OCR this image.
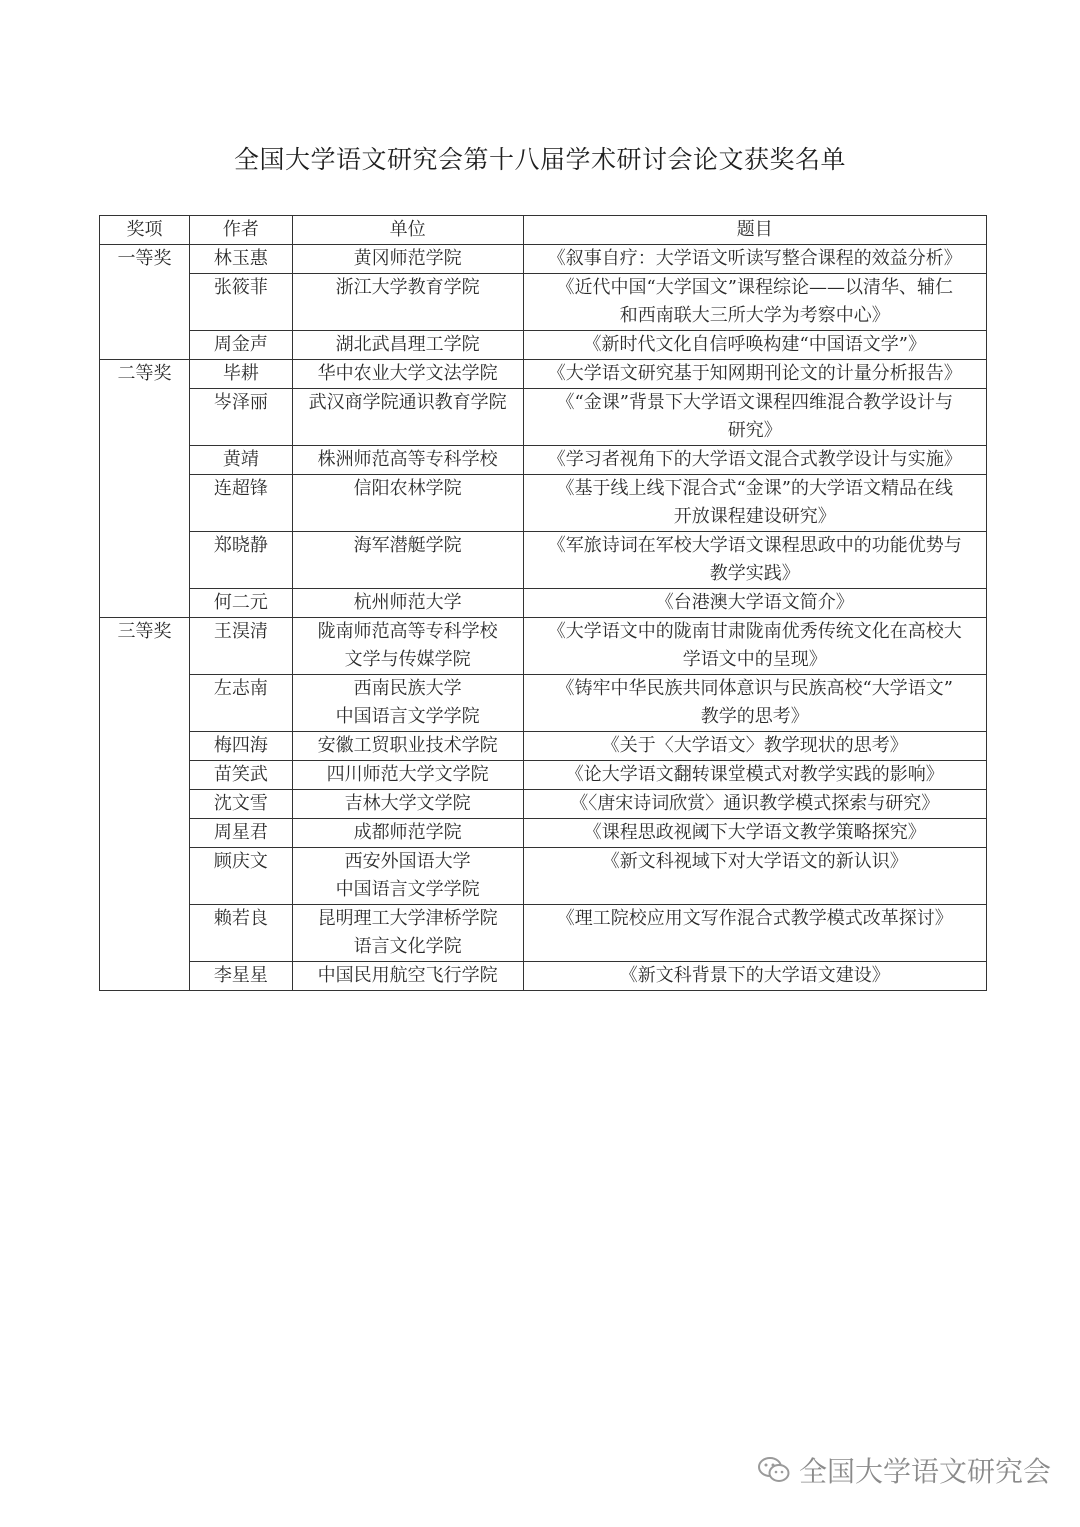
全国大学语文研究会第十八届学术研讨会论文获奖名单
奖项	作者	单位	题目
一等奖	林玉惠	黄冈师范学院	《叙事自疗：大学语文听读写整合课程的效益分析》

	张筱菲	浙江大学教育学院	《近代中国“大学国文”课程综论——以清华、辅仁
和西南联大三所大学为考察中心》

	周金声	湖北武昌理工学院	《新时代文化自信呼唤构建“中国语文学”》

二等奖	毕耕	华中农业大学文法学院	《大学语文研究基于知网期刊论文的计量分析报告》

	岑泽丽	武汉商学院通识教育学院	《“金课”背景下大学语文课程四维混合教学设计与
研究》

	黄靖	株洲师范高等专科学校	《学习者视角下的大学语文混合式教学设计与实施》

	连超锋	信阳农林学院	《基于线上线下混合式“金课”的大学语文精品在线
开放课程建设研究》

	郑晓静	海军潜艇学院	《军旅诗词在军校大学语文课程思政中的功能优势与
教学实践》

	何二元	杭州师范大学	《台港澳大学语文简介》

三等奖	王淏清	陇南师范高等专科学校
文学与传媒学院	《大学语文中的陇南甘肃陇南优秀传统文化在高校大
学语文中的呈现》

	左志南	西南民族大学
中国语言文学学院	《铸牢中华民族共同体意识与民族高校“大学语文”
教学的思考》

	梅四海	安徽工贸职业技术学院	《关于〈大学语文〉教学现状的思考》

	苗笑武	四川师范大学文学院	《论大学语文翻转课堂模式对教学实践的影响》

	沈文雪	吉林大学文学院	《〈唐宋诗词欣赏〉通识教学模式探索与研究》

	周星君	成都师范学院	《课程思政视阈下大学语文教学策略探究》

	顾庆文	西安外国语大学
中国语言文学学院	《新文科视域下对大学语文的新认识》

	赖若良	昆明理工大学津桥学院
语言文化学院	《理工院校应用文写作混合式教学模式改革探讨》

	李星星	中国民用航空飞行学院	《新文科背景下的大学语文建设》
全国大学语文研究会
